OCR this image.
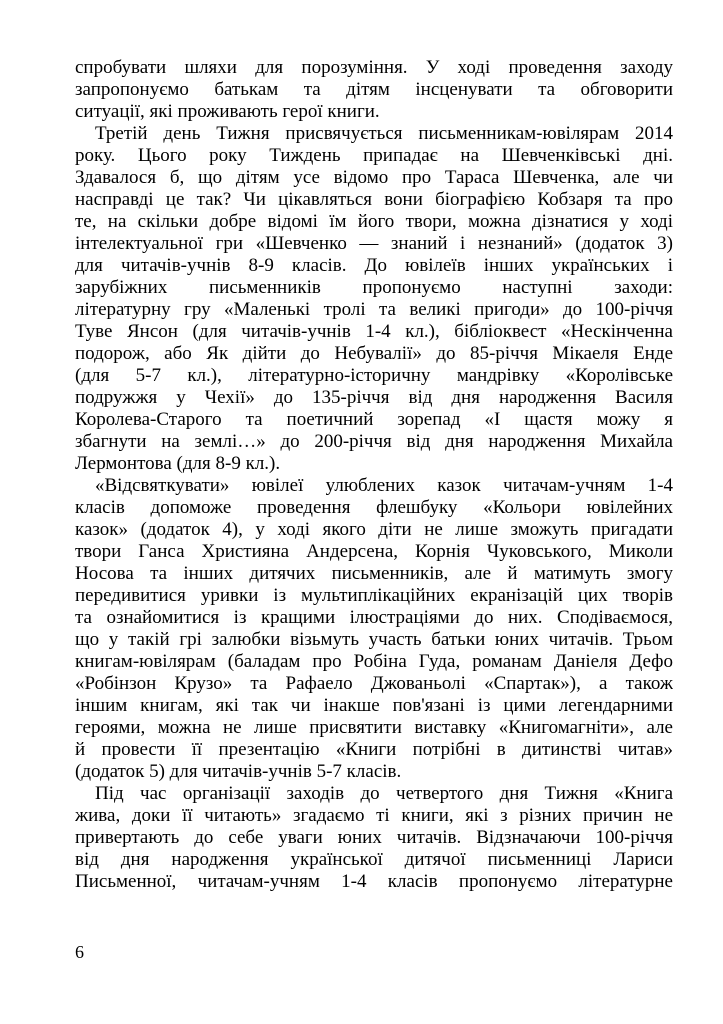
спробувати шляхи для порозуміння. У ході проведення заходу
запропонуємо батькам та дітям інсценувати та обговорити
ситуації, які проживають герої книги.
Третій день Тижня присвячується письменникам-ювілярам 2014
року. Цього року Тиждень припадає на Шевченківські дні.
Здавалося б, що дітям усе відомо про Тараса Шевченка, але чи
насправді це так? Чи цікавляться вони біографією Кобзаря та про
те, на скільки добре відомі їм його твори, можна дізнатися у ході
інтелектуальної гри «Шевченко — знаний і незнаний» (додаток 3)
для читачів-учнів 8-9 класів. До ювілеїв інших українських і
зарубіжних письменників пропонуємо наступні заходи:
літературну гру «Маленькі тролі та великі пригоди» до 100-річчя
Туве Янсон (для читачів-учнів 1-4 кл.), бібліоквест «Нескінченна
подорож, або Як дійти до Небувалії» до 85-річчя Мікаеля Енде
(для 5-7 кл.), літературно-історичну мандрівку «Королівське
подружжя у Чехії» до 135-річчя від дня народження Василя
Королева-Старого та поетичний зорепад «І щастя можу я
збагнути на землі…» до 200-річчя від дня народження Михайла
Лермонтова (для 8-9 кл.).
«Відсвяткувати» ювілеї улюблених казок читачам-учням 1-4
класів допоможе проведення флешбуку «Кольори ювілейних
казок» (додаток 4), у ході якого діти не лише зможуть пригадати
твори Ганса Християна Андерсена, Корнія Чуковського, Миколи
Носова та інших дитячих письменників, але й матимуть змогу
передивитися уривки із мультиплікаційних екранізацій цих творів
та ознайомитися із кращими ілюстраціями до них. Сподіваємося,
що у такій грі залюбки візьмуть участь батьки юних читачів. Трьом
книгам-ювілярам (баладам про Робіна Гуда, романам Даніеля Дефо
«Робінзон Крузо» та Рафаело Джованьолі «Спартак»), а також
іншим книгам, які так чи інакше пов'язані із цими легендарними
героями, можна не лише присвятити виставку «Книгомагніти», але
й провести її презентацію «Книги потрібні в дитинстві читав»
(додаток 5) для читачів-учнів 5-7 класів.
Під час організації заходів до четвертого дня Тижня «Книга
жива, доки її читають» згадаємо ті книги, які з різних причин не
привертають до себе уваги юних читачів. Відзначаючи 100-річчя
від дня народження української дитячої письменниці Лариси
Письменної, читачам-учням 1-4 класів пропонуємо літературне
6
